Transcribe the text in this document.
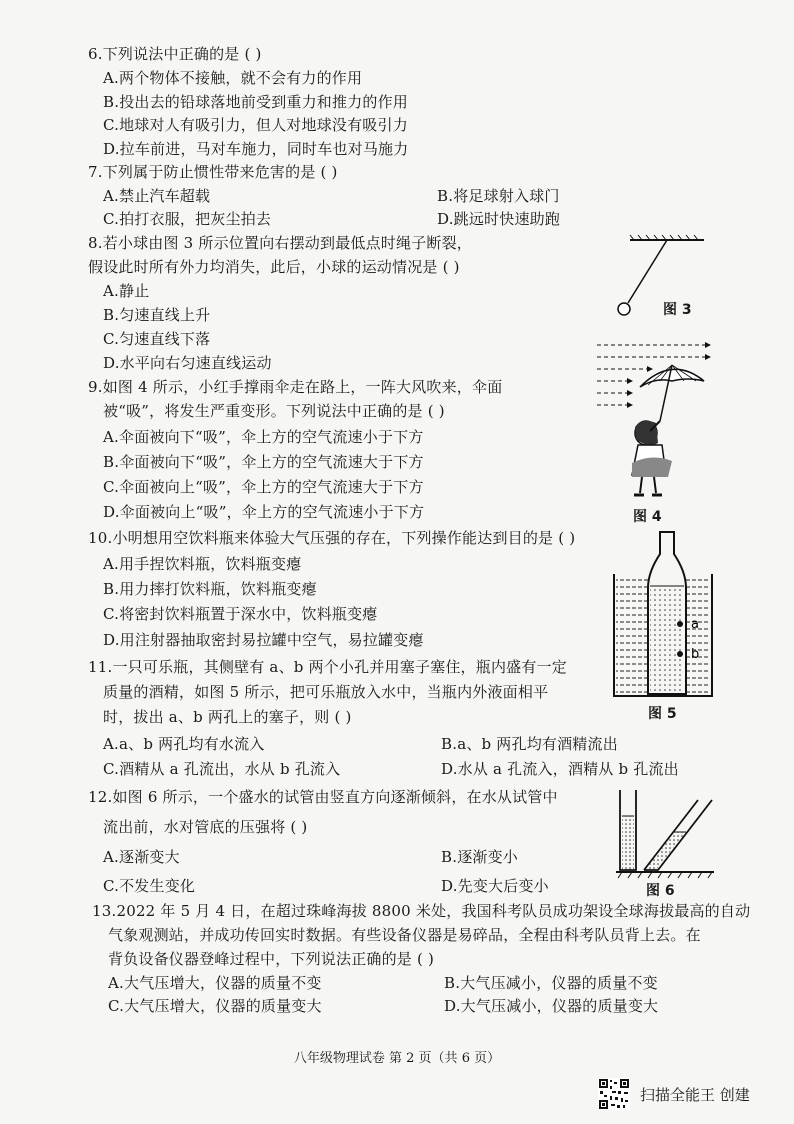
6.下列说法中正确的是 ( )
A.两个物体不接触，就不会有力的作用
B.投出去的铅球落地前受到重力和推力的作用
C.地球对人有吸引力，但人对地球没有吸引力
D.拉车前进，马对车施力，同时车也对马施力
7.下列属于防止惯性带来危害的是 ( )
A.禁止汽车超载	B.将足球射入球门
C.拍打衣服，把灰尘拍去	D.跳远时快速助跑
8.若小球由图 3 所示位置向右摆动到最低点时绳子断裂，
假设此时所有外力均消失，此后，小球的运动情况是 ( )
A.静止
B.匀速直线上升
C.匀速直线下落
D.水平向右匀速直线运动
图 3
9.如图 4 所示，小红手撑雨伞走在路上，一阵大风吹来，伞面
被“吸”，将发生严重变形。下列说法中正确的是 ( )
A.伞面被向下“吸”，伞上方的空气流速小于下方
B.伞面被向下“吸”，伞上方的空气流速大于下方
C.伞面被向上“吸”，伞上方的空气流速大于下方
D.伞面被向上“吸”，伞上方的空气流速小于下方	图 4
10.小明想用空饮料瓶来体验大气压强的存在，下列操作能达到目的是 ( )
A.用手捏饮料瓶，饮料瓶变瘪
B.用力摔打饮料瓶，饮料瓶变瘪
C.将密封饮料瓶置于深水中，饮料瓶变瘪
D.用注射器抽取密封易拉罐中空气，易拉罐变瘪
11.一只可乐瓶，其侧壁有 a、b 两个小孔并用塞子塞住，瓶内盛有一定
质量的酒精，如图 5 所示，把可乐瓶放入水中，当瓶内外液面相平
时，拔出 a、b 两孔上的塞子，则 ( )
A.a、b 两孔均有水流入	B.a、b 两孔均有酒精流出
C.酒精从 a 孔流出，水从 b 孔流入	D.水从 a 孔流入，酒精从 b 孔流出
a
b
图 5
12.如图 6 所示，一个盛水的试管由竖直方向逐渐倾斜，在水从试管中
流出前，水对管底的压强将 ( )
A.逐渐变大	B.逐渐变小
C.不发生变化	D.先变大后变小	图 6
13.2022 年 5 月 4 日，在超过珠峰海拔 8800 米处，我国科考队员成功架设全球海拔最高的自动
气象观测站，并成功传回实时数据。有些设备仪器是易碎品，全程由科考队员背上去。在
背负设备仪器登峰过程中，下列说法正确的是 ( )
A.大气压增大，仪器的质量不变	B.大气压减小，仪器的质量不变
C.大气压增大，仪器的质量变大	D.大气压减小，仪器的质量变大
八年级物理试卷 第 2 页（共 6 页）
扫描全能王 创建
